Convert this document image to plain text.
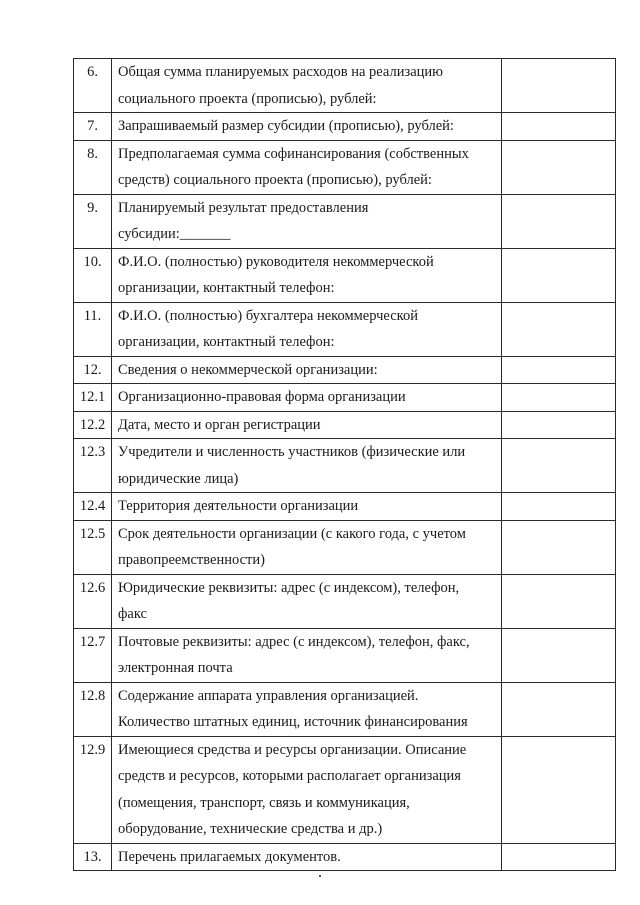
6.	Общая сумма планируемых расходов на реализацию
социального проекта (прописью), рублей:	
7.	Запрашиваемый размер субсидии (прописью), рублей:	
8.	Предполагаемая сумма софинансирования (собственных
средств) социального проекта (прописью), рублей:	
9.	Планируемый результат предоставления
субсидии:_______	
10.	Ф.И.О. (полностью) руководителя некоммерческой
организации, контактный телефон:	
11.	Ф.И.О. (полностью) бухгалтера некоммерческой
организации, контактный телефон:	
12.	Сведения о некоммерческой организации:	
12.1	Организационно-правовая форма организации	
12.2	Дата, место и орган регистрации	
12.3	Учредители и численность участников (физические или
юридические лица)	
12.4	Территория деятельности организации	
12.5	Срок деятельности организации (с какого года, с учетом
правопреемственности)	
12.6	Юридические реквизиты: адрес (с индексом), телефон,
факс	
12.7	Почтовые реквизиты: адрес (с индексом), телефон, факс,
электронная почта	
12.8	Содержание аппарата управления организацией.
Количество штатных единиц, источник финансирования	
12.9	Имеющиеся средства и ресурсы организации. Описание
средств и ресурсов, которыми располагает организация
(помещения, транспорт, связь и коммуникация,
оборудование, технические средства и др.)	
13.	Перечень прилагаемых документов.	
